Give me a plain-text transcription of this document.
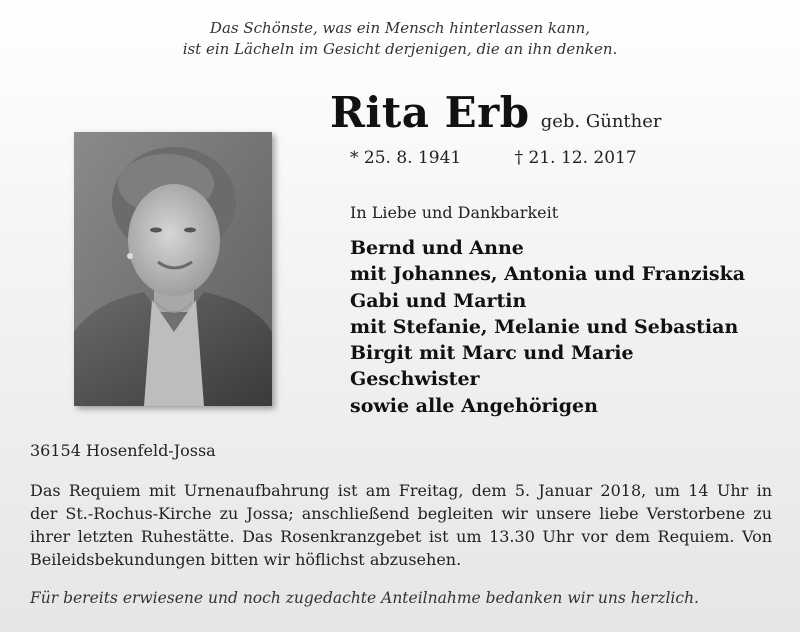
Das Schönste, was ein Mensch hinterlassen kann,
ist ein Lächeln im Gesicht derjenigen, die an ihn denken.
Rita Erb geb. Günther
* 25. 8. 1941	† 21. 12. 2017
In Liebe und Dankbarkeit
Bernd und Anne
mit Johannes, Antonia und Franziska
Gabi und Martin
mit Stefanie, Melanie und Sebastian
Birgit mit Marc und Marie
Geschwister
sowie alle Angehörigen
36154 Hosenfeld-Jossa
Das Requiem mit Urnenaufbahrung ist am Freitag, dem 5. Januar 2018, um 14 Uhr in
der St.-Rochus-Kirche zu Jossa; anschließend begleiten wir unsere liebe Verstorbene zu
ihrer letzten Ruhestätte. Das Rosenkranzgebet ist um 13.30 Uhr vor dem Requiem. Von
Beileidsbekundungen bitten wir höflichst abzusehen.
Für bereits erwiesene und noch zugedachte Anteilnahme bedanken wir uns herzlich.
